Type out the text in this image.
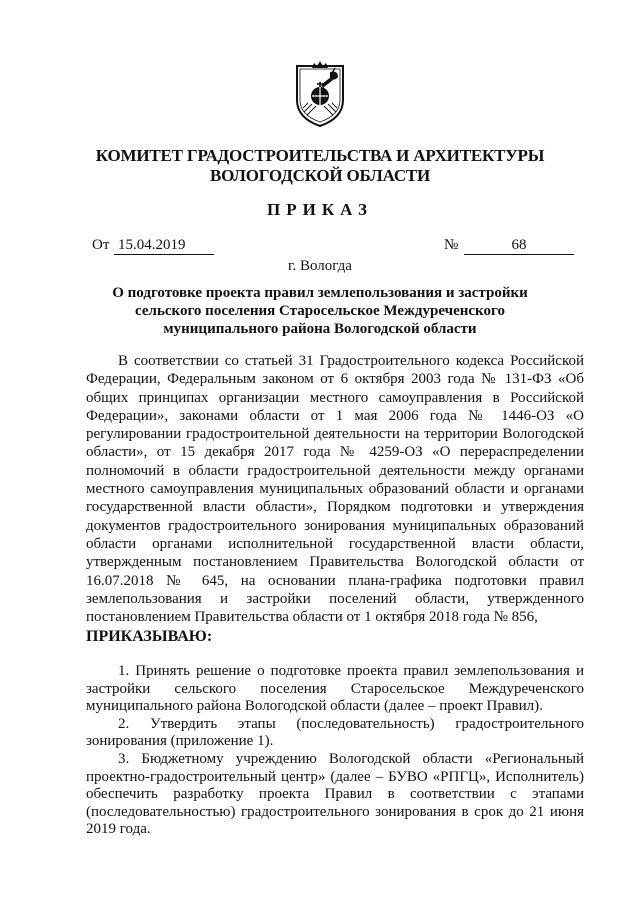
КОМИТЕТ ГРАДОСТРОИТЕЛЬСТВА И АРХИТЕКТУРЫ
ВОЛОГОДСКОЙ ОБЛАСТИ
ПРИКАЗ
От 15.04.2019	№	68
г. Вологда
О подготовке проекта правил землепользования и застройки сельского поселения Старосельское Междуреченского муниципального района Вологодской области

В соответствии со статьей 31 Градостроительного кодекса Российской Федерации, Федеральным законом от 6 октября 2003 года № 131-ФЗ «Об общих принципах организации местного самоуправления в Российской Федерации», законами области от 1 мая 2006 года № 1446-ОЗ «О регулировании градостроительной деятельности на территории Вологодской области», от 15 декабря 2017 года № 4259-ОЗ «О перераспределении полномочий в области градостроительной деятельности между органами местного самоуправления муниципальных образований области и органами государственной власти области», Порядком подготовки и утверждения документов градостроительного зонирования муниципальных образований области органами исполнительной государственной власти области, утвержденным постановлением Правительства Вологодской области от 16.07.2018 № 645, на основании плана-графика подготовки правил землепользования и застройки поселений области, утвержденного постановлением Правительства области от 1 октября 2018 года № 856,

ПРИКАЗЫВАЮ:

1. Принять решение о подготовке проекта правил землепользования и застройки сельского поселения Старосельское Междуреченского муниципального района Вологодской области (далее – проект Правил).

2. Утвердить этапы (последовательность) градостроительного зонирования (приложение 1).

3. Бюджетному учреждению Вологодской области «Региональный проектно-градостроительный центр» (далее – БУВО «РПГЦ», Исполнитель) обеспечить разработку проекта Правил в соответствии с этапами (последовательностью) градостроительного зонирования в срок до 21 июня 2019 года.
